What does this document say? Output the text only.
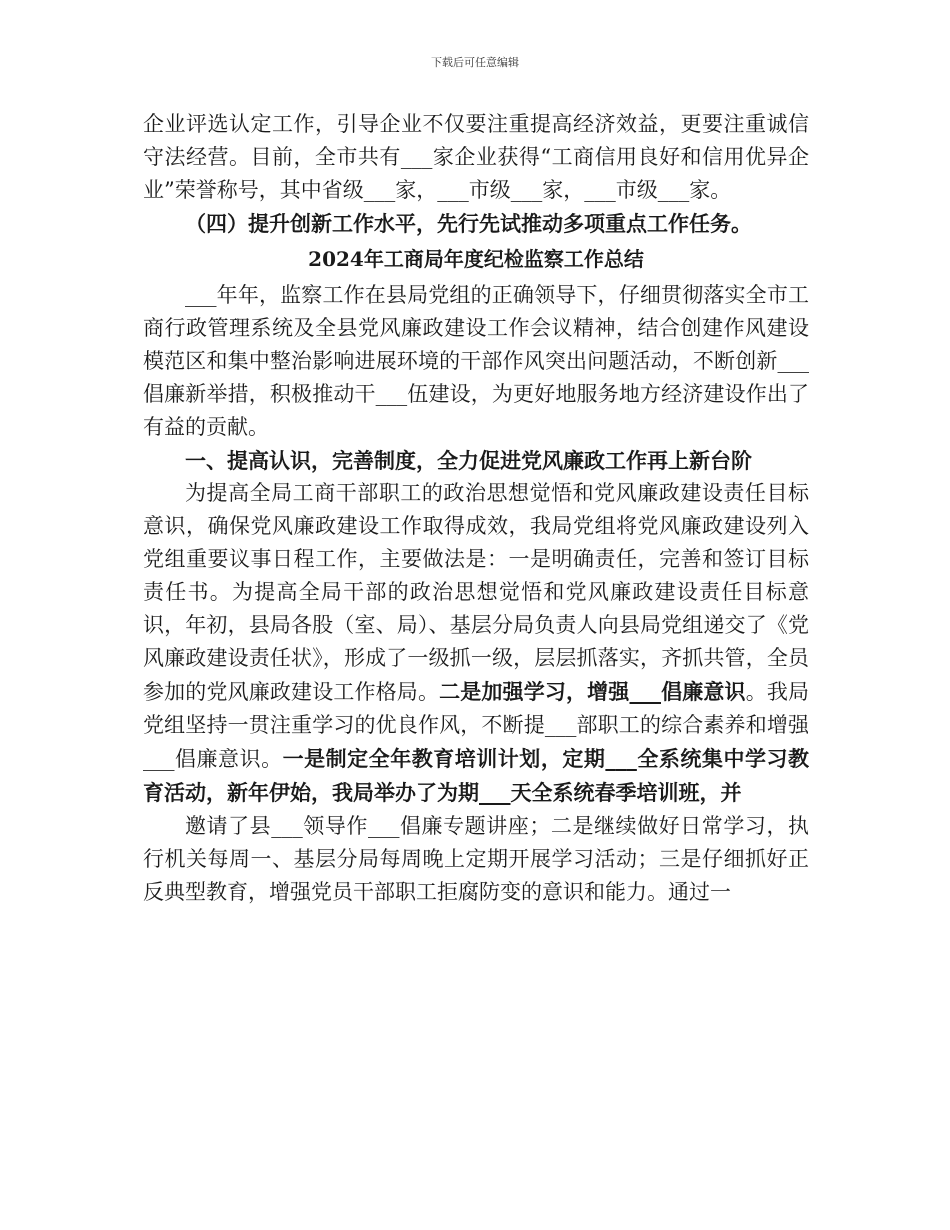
下载后可任意编辑

企业评选认定工作，引导企业不仅要注重提高经济效益，更要注重诚信守法经营。目前，全市共有___家企业获得“工商信用良好和信用优异企业”荣誉称号，其中省级___家，___市级___家，___市级___家。

（四）提升创新工作水平，先行先试推动多项重点工作任务。

2024年工商局年度纪检监察工作总结

___年年，监察工作在县局党组的正确领导下，仔细贯彻落实全市工商行政管理系统及全县党风廉政建设工作会议精神，结合创建作风建设模范区和集中整治影响进展环境的干部作风突出问题活动，不断创新___倡廉新举措，积极推动干___伍建设，为更好地服务地方经济建设作出了有益的贡献。

一、提高认识，完善制度，全力促进党风廉政工作再上新台阶

为提高全局工商干部职工的政治思想觉悟和党风廉政建设责任目标意识，确保党风廉政建设工作取得成效，我局党组将党风廉政建设列入党组重要议事日程工作，主要做法是：一是明确责任，完善和签订目标责任书。为提高全局干部的政治思想觉悟和党风廉政建设责任目标意识，年初，县局各股（室、局）、基层分局负责人向县局党组递交了《党风廉政建设责任状》，形成了一级抓一级，层层抓落实，齐抓共管，全员参加的党风廉政建设工作格局。二是加强学习，增强___倡廉意识。我局党组坚持一贯注重学习的优良作风，不断提___部职工的综合素养和增强___倡廉意识。一是制定全年教育培训计划，定期___全系统集中学习教育活动，新年伊始，我局举办了为期___天全系统春季培训班，并

邀请了县___领导作___倡廉专题讲座；二是继续做好日常学习，执行机关每周一、基层分局每周晚上定期开展学习活动；三是仔细抓好正反典型教育，增强党员干部职工拒腐防变的意识和能力。通过一
